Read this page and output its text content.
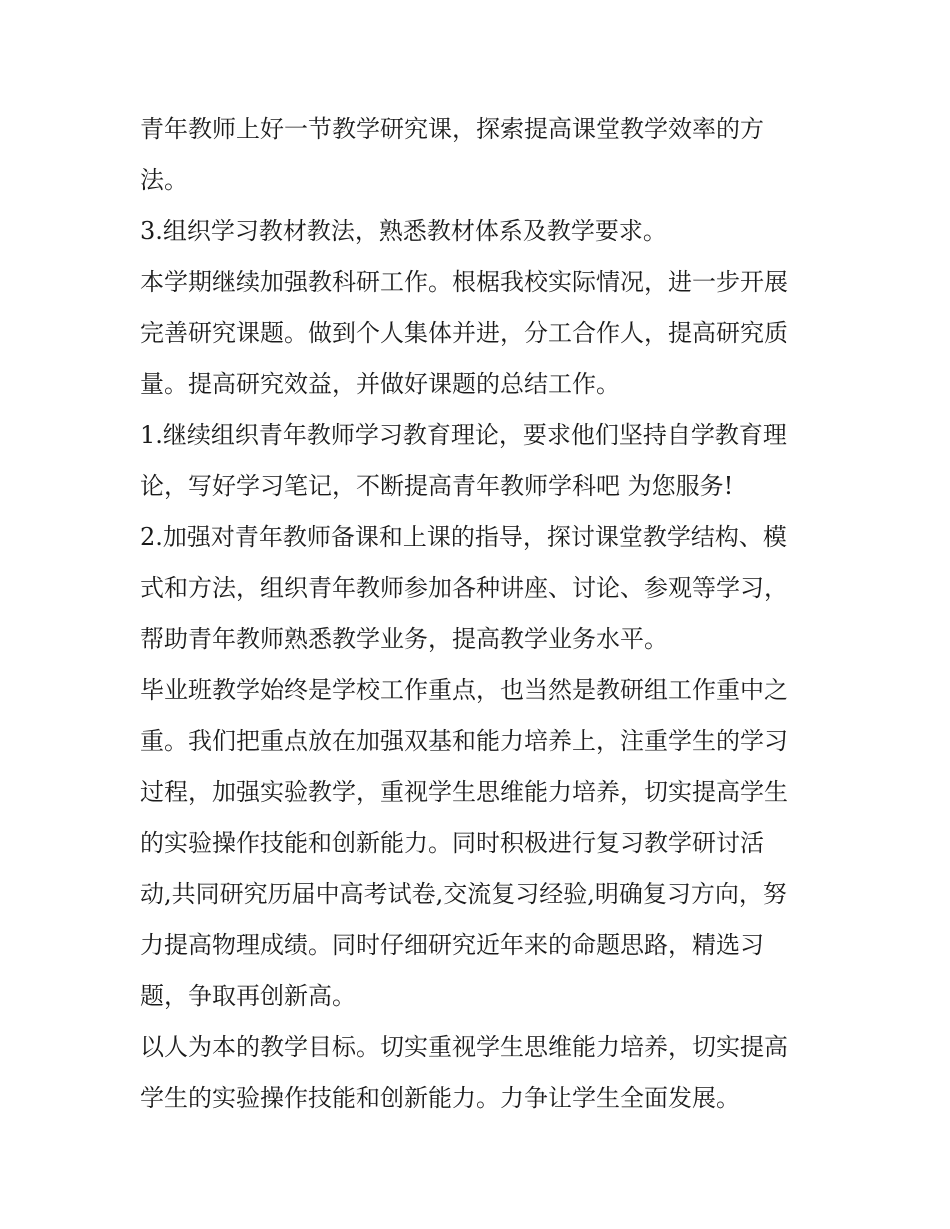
青年教师上好一节教学研究课，探索提高课堂教学效率的方
法。
3.组织学习教材教法，熟悉教材体系及教学要求。
本学期继续加强教科研工作。根椐我校实际情况，进一步开展
完善研究课题。做到个人集体并进，分工合作人，提高研究质
量。提高研究效益，并做好课题的总结工作。
1.继续组织青年教师学习教育理论，要求他们坚持自学教育理
论，写好学习笔记，不断提高青年教师学科吧 为您服务!
2.加强对青年教师备课和上课的指导，探讨课堂教学结构、模
式和方法，组织青年教师参加各种讲座、讨论、参观等学习，
帮助青年教师熟悉教学业务，提高教学业务水平。
毕业班教学始终是学校工作重点，也当然是教研组工作重中之
重。我们把重点放在加强双基和能力培养上，注重学生的学习
过程，加强实验教学，重视学生思维能力培养，切实提高学生
的实验操作技能和创新能力。同时积极进行复习教学研讨活
动,共同研究历届中高考试卷,交流复习经验,明确复习方向，努
力提高物理成绩。同时仔细研究近年来的命题思路，精选习
题，争取再创新高。
以人为本的教学目标。切实重视学生思维能力培养，切实提高
学生的实验操作技能和创新能力。力争让学生全面发展。
